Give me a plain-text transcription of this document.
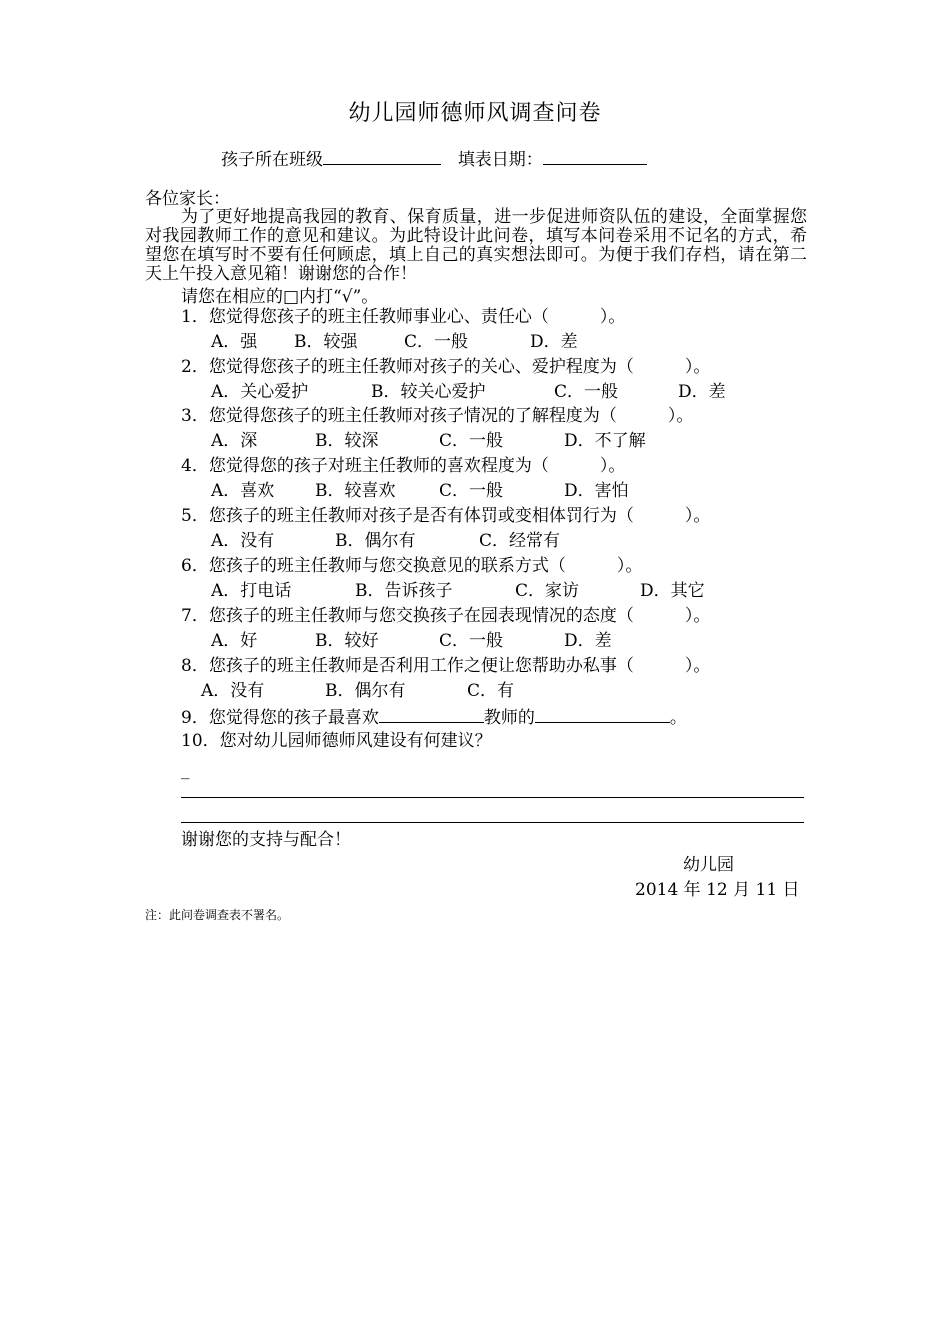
幼儿园师德师风调查问卷
孩子所在班级	填表日期：
各位家长：
为了更好地提高我园的教育、保育质量，进一步促进师资队伍的建设，全面掌握您对我园教师工作的意见和建议。为此特设计此问卷，填写本问卷采用不记名的方式，希望您在填写时不要有任何顾虑，填上自己的真实想法即可。为便于我们存档，请在第二天上午投入意见箱！谢谢您的合作！
请您在相应的□内打“√”。
1．您觉得您孩子的班主任教师事业心、责任心（　　　）。
A．强 B．较强	C．一般	D．差
2．您觉得您孩子的班主任教师对孩子的关心、爱护程度为（　　　）。
A．关心爱护	B．较关心爱护	C．一般	D．差
3．您觉得您孩子的班主任教师对孩子情况的了解程度为（　　　）。
A．深	B．较深	C．一般	D．不了解
4．您觉得您的孩子对班主任教师的喜欢程度为（　　　）。
A．喜欢 B．较喜欢	C．一般	D．害怕
5．您孩子的班主任教师对孩子是否有体罚或变相体罚行为（　　　）。
A．没有	B．偶尔有	C．经常有
6．您孩子的班主任教师与您交换意见的联系方式（　　　）。
A．打电话	B．告诉孩子	C．家访	D．其它
7．您孩子的班主任教师与您交换孩子在园表现情况的态度（　　　）。
A．好	B．较好	C．一般	D．差
8．您孩子的班主任教师是否利用工作之便让您帮助办私事（　　　）。
A．没有	B．偶尔有	C．有
9．您觉得您的孩子最喜欢	教师的	。
10．您对幼儿园师德师风建设有何建议？
_
谢谢您的支持与配合！
幼儿园
2014 年 12 月 11 日
注：此问卷调查表不署名。
